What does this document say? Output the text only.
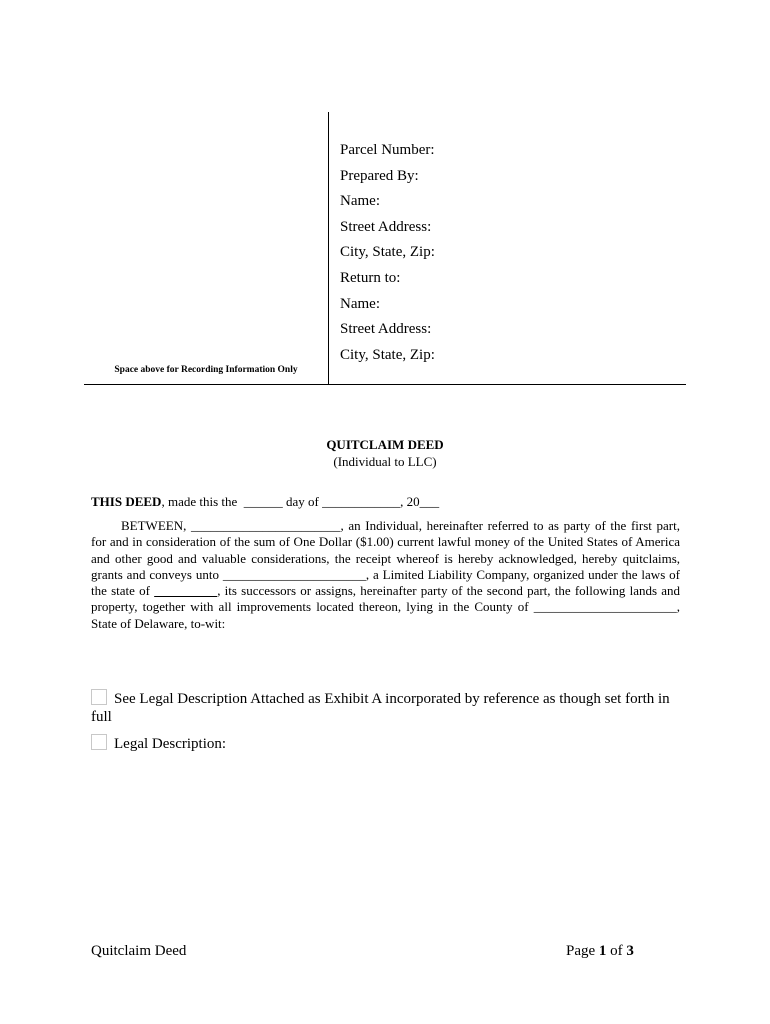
Parcel Number:
Prepared By:
Name:
Street Address:
City, State, Zip:
Return to:
Name:
Street Address:
City, State, Zip:
Space above for Recording Information Only
QUITCLAIM DEED
(Individual to LLC)
THIS DEED, made this the  ______ day of ____________, 20___

BETWEEN, _______________________, an Individual, hereinafter referred to as party of the first part, for and in consideration of the sum of One Dollar ($1.00) current lawful money of the United States of America and other good and valuable considerations, the receipt whereof is hereby acknowledged, hereby quitclaims, grants and conveys unto ______________________, a Limited Liability Company, organized under the laws of the state of	, its successors or assigns, hereinafter party of the second part, the following lands and property, together with all improvements located thereon, lying in the County of ______________________, State of Delaware, to-wit:

See Legal Description Attached as Exhibit A incorporated by reference as though set forth in full
Legal Description:
Quitclaim Deed	Page 1 of 3
